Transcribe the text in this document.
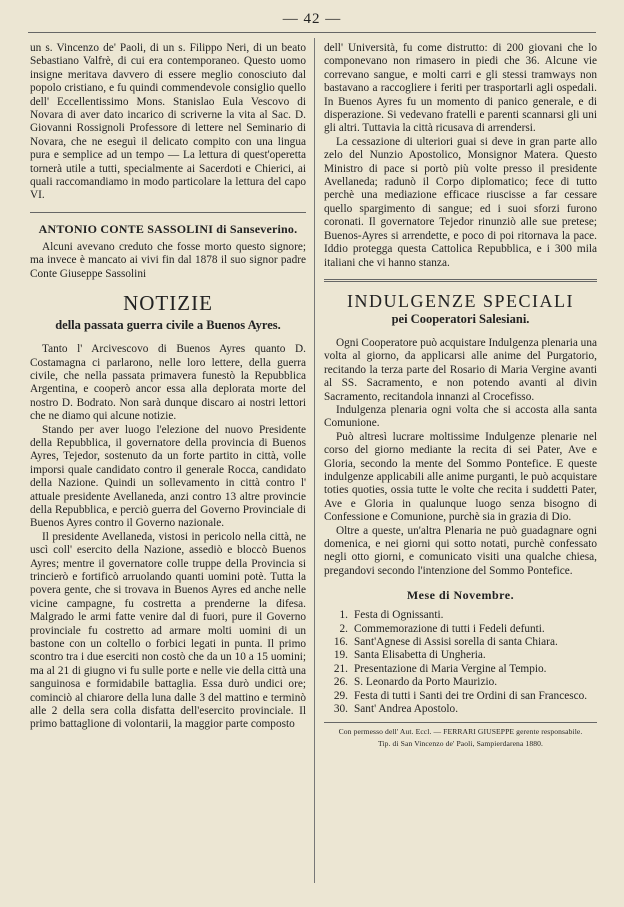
— 42 —

un s. Vincenzo de' Paoli, di un s. Filippo Neri, di un beato Sebastiano Valfrè, di cui era contemporaneo. Questo uomo insigne meritava davvero di essere meglio conosciuto dal popolo cristiano, e fu quindi commendevole consiglio quello dell' Eccellentissimo Mons. Stanislao Eula Vescovo di Novara di aver dato incarico di scriverne la vita al Sac. D. Giovanni Rossignoli Professore di lettere nel Seminario di Novara, che ne eseguì il delicato compito con una lingua pura e semplice ad un tempo — La lettura di quest'operetta tornerà utile a tutti, specialmente ai Sacerdoti e Chierici, ai quali raccomandiamo in modo particolare la lettura del capo VI.

ANTONIO CONTE SASSOLINI di Sanseverino.

Alcuni avevano creduto che fosse morto questo signore; ma invece è mancato ai vivi fin dal 1878 il suo signor padre Conte Giuseppe Sassolini

NOTIZIE
della passata guerra civile a Buenos Ayres.

Tanto l' Arcivescovo di Buenos Ayres quanto D. Costamagna ci parlarono, nelle loro lettere, della guerra civile, che nella passata primavera funestò la Repubblica Argentina, e cooperò ancor essa alla deplorata morte del nostro D. Bodrato. Non sarà dunque discaro ai nostri lettori che ne diamo qui alcune notizie.

Stando per aver luogo l'elezione del nuovo Presidente della Repubblica, il governatore della provincia di Buenos Ayres, Tejedor, sostenuto da un forte partito in città, volle imporsi quale candidato contro il generale Rocca, candidato della Nazione. Quindi un sollevamento in città contro l' attuale presidente Avellaneda, anzi contro 13 altre provincie della Repubblica, e perciò guerra del Governo Provinciale di Buenos Ayres contro il Governo nazionale.

Il presidente Avellaneda, vistosi in pericolo nella città, ne uscì coll' esercito della Nazione, assediò e bloccò Buenos Ayres; mentre il governatore colle truppe della Provincia si trincierò e fortificò arruolando quanti uomini potè. Tutta la povera gente, che si trovava in Buenos Ayres ed anche nelle vicine campagne, fu costretta a prenderne la difesa. Malgrado le armi fatte venire dal di fuori, pure il Governo provinciale fu costretto ad armare molti uomini di un bastone con un coltello o forbici legati in punta. Il primo scontro tra i due eserciti non costò che da un 10 a 15 uomini; ma al 21 di giugno vi fu sulle porte e nelle vie della città una sanguinosa e formidabile battaglia. Essa durò undici ore; cominciò al chiarore della luna dalle 3 del mattino e terminò alle 2 della sera colla disfatta dell'esercito provinciale. Il primo battaglione di volontarii, la maggior parte composto

dell' Università, fu come distrutto: di 200 giovani che lo componevano non rimasero in piedi che 36. Alcune vie correvano sangue, e molti carri e gli stessi tramways non bastavano a raccogliere i feriti per trasportarli agli ospedali. In Buenos Ayres fu un momento di panico generale, e di disperazione. Si vedevano fratelli e parenti scannarsi gli uni gli altri. Tuttavia la città ricusava di arrendersi.

La cessazione di ulteriori guai si deve in gran parte allo zelo del Nunzio Apostolico, Monsignor Matera. Questo Ministro di pace si portò più volte presso il presidente Avellaneda; radunò il Corpo diplomatico; fece di tutto perchè una mediazione efficace riuscisse a far cessare quello spargimento di sangue; ed i suoi sforzi furono coronati. Il governatore Tejedor rinunziò alle sue pretese; Buenos-Ayres si arrendette, e poco di poi ritornava la pace. Iddio protegga questa Cattolica Repubblica, e i 300 mila italiani che vi hanno stanza.

INDULGENZE SPECIALI
pei Cooperatori Salesiani.

Ogni Cooperatore può acquistare Indulgenza plenaria una volta al giorno, da applicarsi alle anime del Purgatorio, recitando la terza parte del Rosario di Maria Vergine avanti al SS. Sacramento, e non potendo avanti al divin Sacramento, recitandola innanzi al Crocefisso.

Indulgenza plenaria ogni volta che si accosta alla santa Comunione.

Può altresì lucrare moltissime Indulgenze plenarie nel corso del giorno mediante la recita di sei Pater, Ave e Gloria, secondo la mente del Sommo Pontefice. E queste indulgenze applicabili alle anime purganti, le può acquistare toties quoties, ossia tutte le volte che recita i suddetti Pater, Ave e Gloria in qualunque luogo senza bisogno di Confessione e Comunione, purchè sia in grazia di Dio.

Oltre a queste, un'altra Plenaria ne può guadagnare ogni domenica, e nei giorni qui sotto notati, purchè confessato negli otto giorni, e comunicato visiti una qualche chiesa, pregandovi secondo l'intenzione del Sommo Pontefice.

Mese di Novembre.
1. Festa di Ognissanti.
2. Commemorazione di tutti i Fedeli defunti.
16. Sant'Agnese di Assisi sorella di santa Chiara.
19. Santa Elisabetta di Ungheria.
21. Presentazione di Maria Vergine al Tempio.
26. S. Leonardo da Porto Maurizio.
29. Festa di tutti i Santi dei tre Ordini di san Francesco.
30. Sant' Andrea Apostolo.
Con permesso dell' Aut. Eccl. — FERRARI GIUSEPPE gerente responsabile.
Tip. di San Vincenzo de' Paoli, Sampierdarena 1880.
